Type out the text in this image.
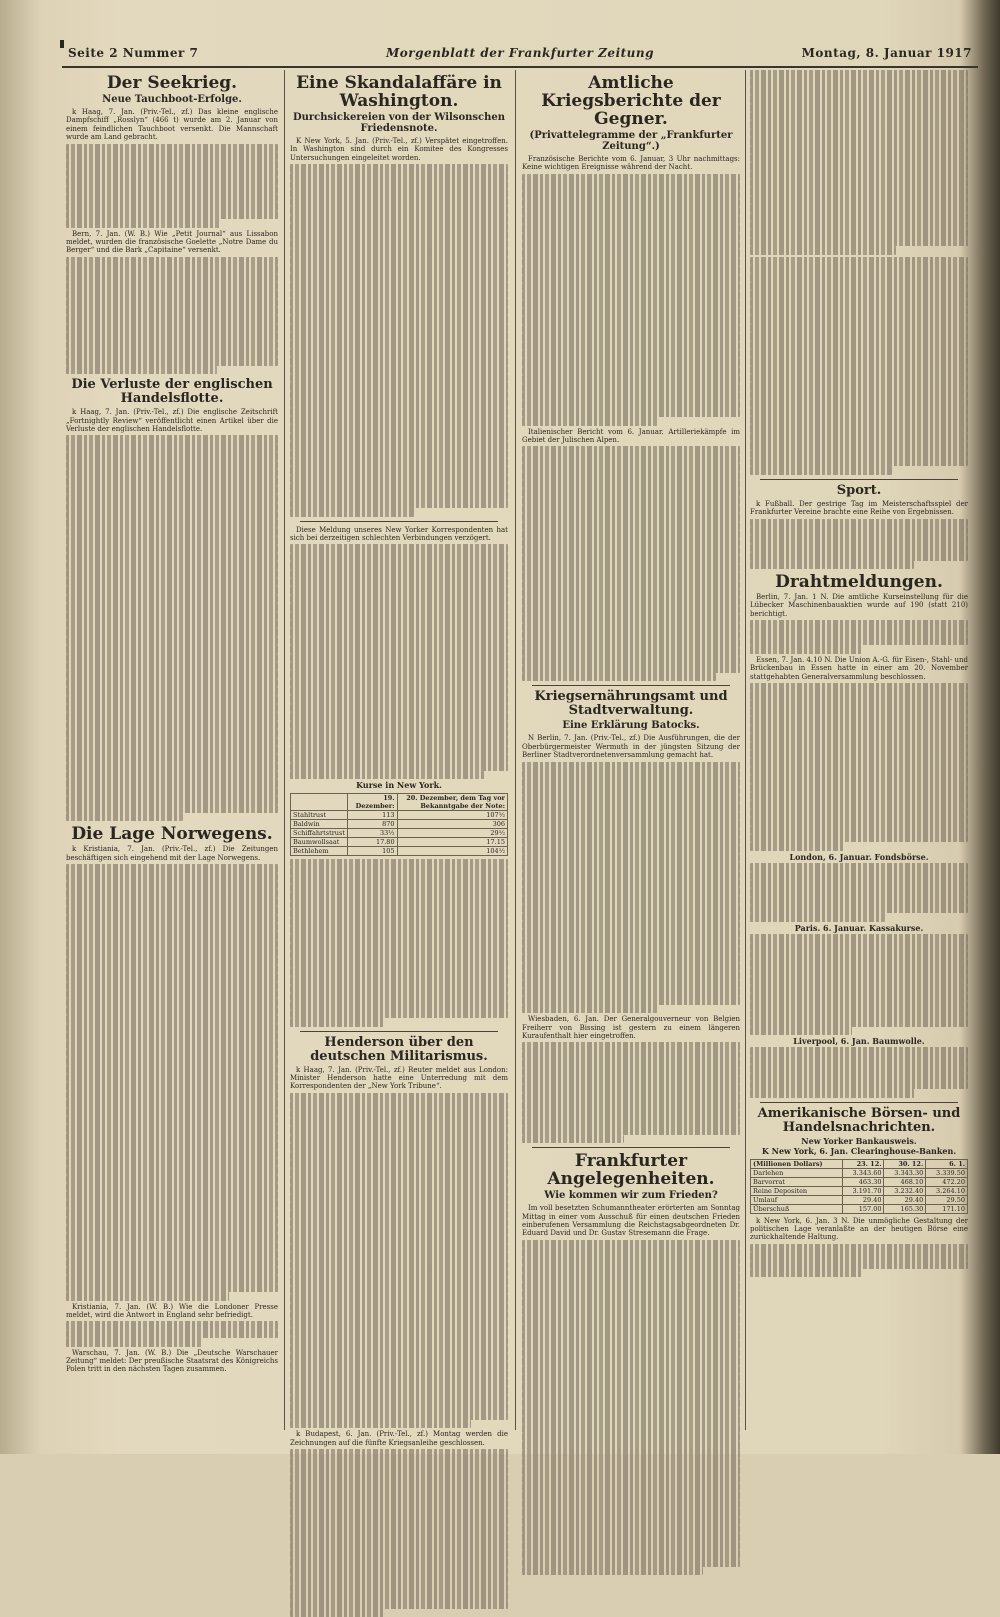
Seite 2 Nummer 7	Morgenblatt der Frankfurter Zeitung	Montag, 8. Januar 1917
Der Seekrieg.
Neue Tauchboot-Erfolge.

k Haag, 7. Jan. (Priv.-Tel., zf.) Das kleine englische Dampfschiff „Rosslyn“ (466 t) wurde am 2. Januar von einem feindlichen Tauchboot versenkt. Die Mannschaft wurde am Land gebracht.

Bern, 7. Jan. (W. B.) Wie „Petit Journal“ aus Lissabon meldet, wurden die französische Goelette „Notre Dame du Berger“ und die Bark „Capitaine“ versenkt.

Die Verluste der englischen Handelsflotte.

k Haag, 7. Jan. (Priv.-Tel., zf.) Die englische Zeitschrift „Fortnightly Review“ veröffentlicht einen Artikel über die Verluste der englischen Handelsflotte.

Die Lage Norwegens.

k Kristiania, 7. Jan. (Priv.-Tel., zf.) Die Zeitungen beschäftigen sich eingehend mit der Lage Norwegens.

Kristiania, 7. Jan. (W. B.) Wie die Londoner Presse meldet, wird die Antwort in England sehr befriedigt.

Warschau, 7. Jan. (W. B.) Die „Deutsche Warschauer Zeitung“ meldet: Der preußische Staatsrat des Königreichs Polen tritt in den nächsten Tagen zusammen.

Eine Skandalaffäre in Washington.
Durchsickereien von der Wilsonschen Friedensnote.

K New York, 5. Jan. (Priv.-Tel., zf.) Verspätet eingetroffen. In Washington sind durch ein Komitee des Kongresses Untersuchungen eingeleitet worden.

Diese Meldung unseres New Yorker Korrespondenten hat sich bei derzeitigen schlechten Verbindungen verzögert.

Kurse in New York.
	19. Dezember:	20. Dezember, dem Tag vor Bekanntgabe der Note:
Stahltrust	113	107½
Baldwin	870	306
Schiffahrtstrust	33½	29½
Baumwollsaat	17.80	17.15
Bethlehem	105	104½
Henderson über den deutschen Militarismus.

k Haag, 7. Jan. (Priv.-Tel., zf.) Reuter meldet aus London: Minister Henderson hatte eine Unterredung mit dem Korrespondenten der „New York Tribune“.

k Budapest, 6. Jan. (Priv.-Tel., zf.) Montag werden die Zeichnungen auf die fünfte Kriegsanleihe geschlossen.

Amtliche Kriegsberichte der Gegner.
(Privattelegramme der „Frankfurter Zeitung“.)

Französische Berichte vom 6. Januar, 3 Uhr nachmittags: Keine wichtigen Ereignisse während der Nacht.

Italienischer Bericht vom 6. Januar. Artilleriekämpfe im Gebiet der Julischen Alpen.

Kriegsernährungsamt und Stadtverwaltung.
Eine Erklärung Batocks.

N Berlin, 7. Jan. (Priv.-Tel., zf.) Die Ausführungen, die der Oberbürgermeister Wermuth in der jüngsten Sitzung der Berliner Stadtverordnetenversammlung gemacht hat.

Wiesbaden, 6. Jan. Der Generalgouverneur von Belgien Freiherr von Bissing ist gestern zu einem längeren Kuraufenthalt hier eingetroffen.

Frankfurter Angelegenheiten.
Wie kommen wir zum Frieden?

Im voll besetzten Schumanntheater erörterten am Sonntag Mittag in einer vom Ausschuß für einen deutschen Frieden einberufenen Versammlung die Reichstagsabgeordneten Dr. Eduard David und Dr. Gustav Stresemann die Frage.

Sport.

k Fußball. Der gestrige Tag im Meisterschaftsspiel der Frankfurter Vereine brachte eine Reihe von Ergebnissen.

Drahtmeldungen.

Berlin, 7. Jan. 1 N. Die amtliche Kurseinstellung für die Lübecker Maschinenbauaktien wurde auf 190 (statt 210) berichtigt.

Essen, 7. Jan. 4.10 N. Die Union A.-G. für Eisen-, Stahl- und Brückenbau in Essen hatte in einer am 20. November stattgehabten Generalversammlung beschlossen.

London, 6. Januar. Fondsbörse.
Paris. 6. Januar. Kassakurse.
Liverpool, 6. Jan. Baumwolle.
Amerikanische Börsen- und Handelsnachrichten.
New Yorker Bankausweis.
K New York, 6. Jan. Clearinghouse-Banken.
(Millionen Dollars)	23. 12.	30. 12.	6. 1.
Darlehen	3.343.60	3.343.30	3.339.50
Barvorrat	463.30	468.10	472.20
Reine Depositen	3.191.70	3.232.40	3.264.10
Umlauf	29.40	29.40	29.50
Überschuß	157.00	165.30	171.10

k New York, 6. Jan. 3 N. Die unmögliche Gestaltung der politischen Lage veranlaßte an der heutigen Börse eine zurückhaltende Haltung.
